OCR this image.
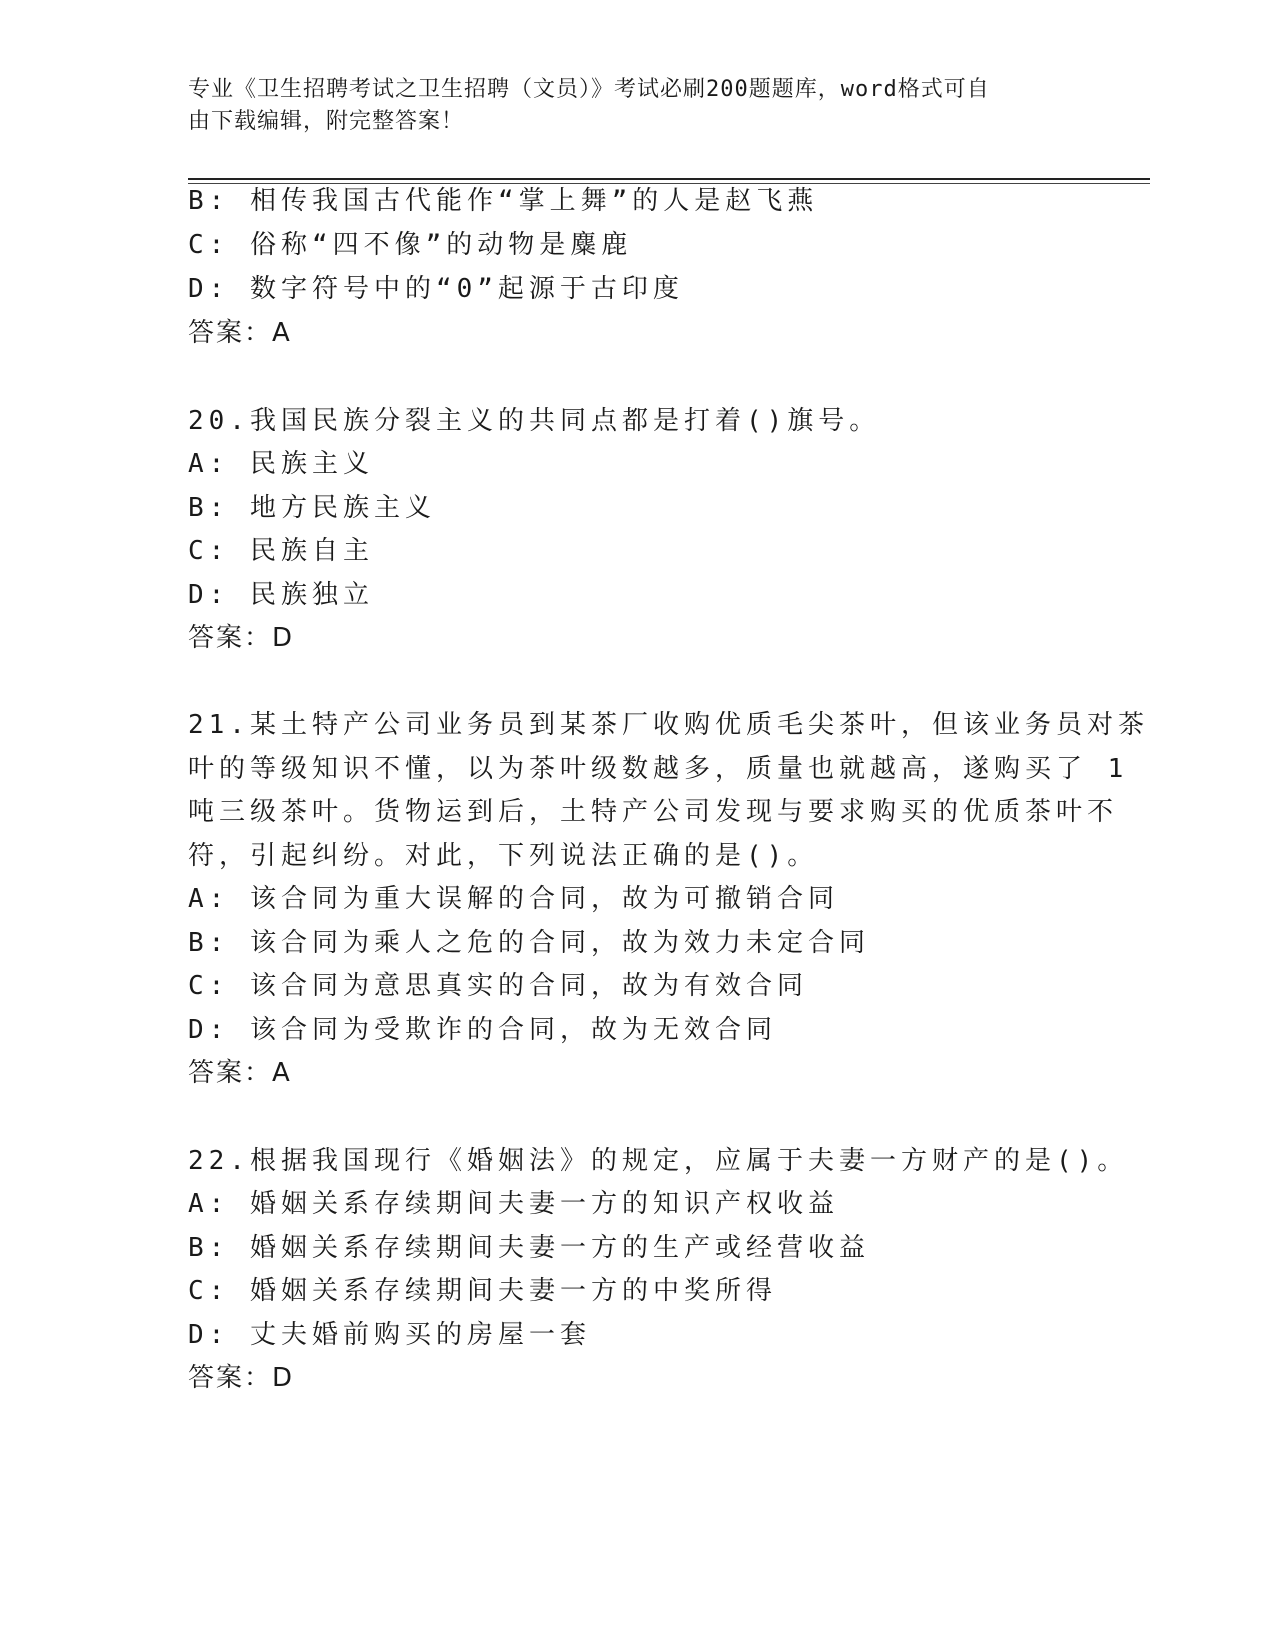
专业《卫生招聘考试之卫生招聘（文员）》考试必刷200题题库，word格式可自
由下载编辑，附完整答案！
B: 相传我国古代能作“掌上舞”的人是赵飞燕
C: 俗称“四不像”的动物是麋鹿
D: 数字符号中的“0”起源于古印度
答案：A
20.我国民族分裂主义的共同点都是打着()旗号。
A: 民族主义
B: 地方民族主义
C: 民族自主
D: 民族独立
答案：D
21.某土特产公司业务员到某茶厂收购优质毛尖茶叶，但该业务员对茶
叶的等级知识不懂，以为茶叶级数越多，质量也就越高，遂购买了 1
吨三级茶叶。货物运到后，土特产公司发现与要求购买的优质茶叶不
符，引起纠纷。对此，下列说法正确的是()。
A: 该合同为重大误解的合同，故为可撤销合同
B: 该合同为乘人之危的合同，故为效力未定合同
C: 该合同为意思真实的合同，故为有效合同
D: 该合同为受欺诈的合同，故为无效合同
答案：A
22.根据我国现行《婚姻法》的规定，应属于夫妻一方财产的是()。
A: 婚姻关系存续期间夫妻一方的知识产权收益
B: 婚姻关系存续期间夫妻一方的生产或经营收益
C: 婚姻关系存续期间夫妻一方的中奖所得
D: 丈夫婚前购买的房屋一套
答案：D
